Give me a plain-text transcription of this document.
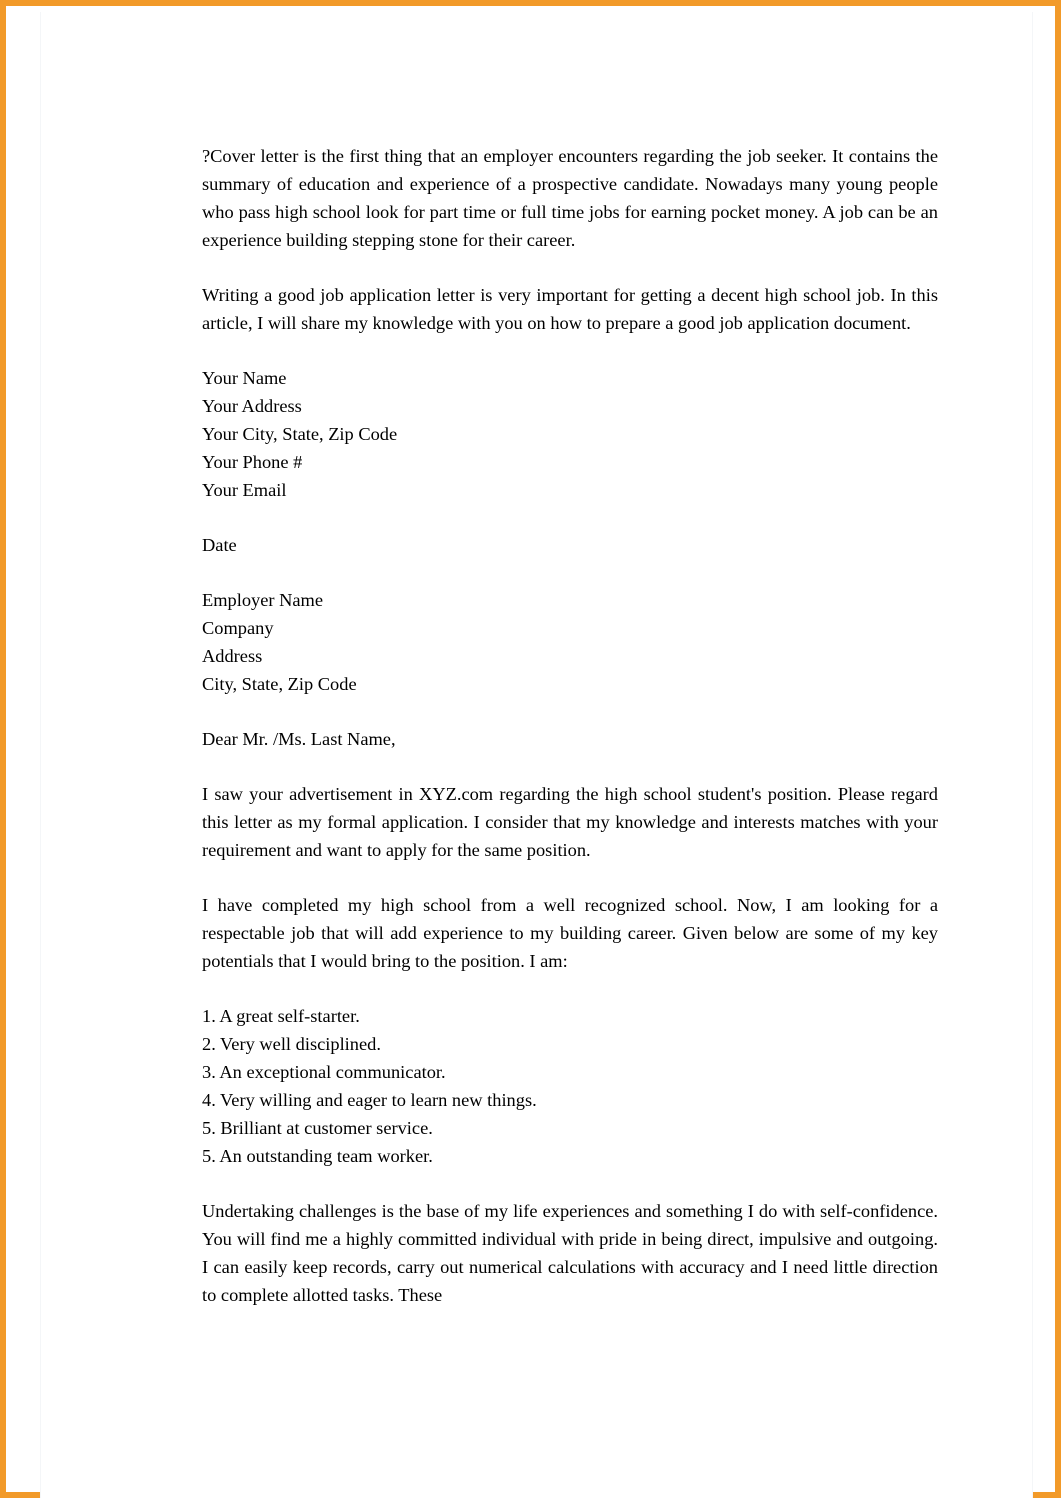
?Cover letter is the first thing that an employer encounters regarding the job seeker. It contains the summary of education and experience of a prospective candidate. Nowadays many young people who pass high school look for part time or full time jobs for earning pocket money. A job can be an experience building stepping stone for their career.

Writing a good job application letter is very important for getting a decent high school job. In this article, I will share my knowledge with you on how to prepare a good job application document.

Your Name
Your Address
Your City, State, Zip Code
Your Phone #
Your Email
Date
Employer Name
Company
Address
City, State, Zip Code

Dear Mr. /Ms. Last Name,

I saw your advertisement in XYZ.com regarding the high school student's position. Please regard this letter as my formal application. I consider that my knowledge and interests matches with your requirement and want to apply for the same position.

I have completed my high school from a well recognized school. Now, I am looking for a respectable job that will add experience to my building career. Given below are some of my key potentials that I would bring to the position. I am:

1. A great self-starter.
2. Very well disciplined.
3. An exceptional communicator.
4. Very willing and eager to learn new things.
5. Brilliant at customer service.
5. An outstanding team worker.

Undertaking challenges is the base of my life experiences and something I do with self-confidence. You will find me a highly committed individual with pride in being direct, impulsive and outgoing. I can easily keep records, carry out numerical calculations with accuracy and I need little direction to complete allotted tasks. These
